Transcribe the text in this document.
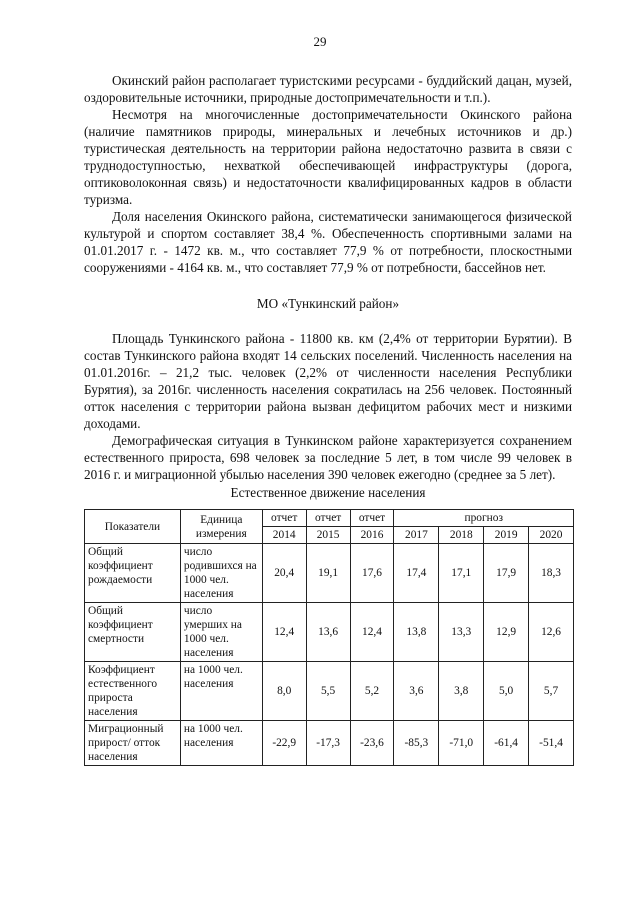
29

Окинский район располагает туристскими ресурсами - буддийский дацан, музей, оздоровительные источники, природные достопримечательности и т.п.).

Несмотря на многочисленные достопримечательности Окинского района (наличие памятников природы, минеральных и лечебных источников и др.) туристическая деятельность на территории района недостаточно развита в связи с труднодоступностью, нехваткой обеспечивающей инфраструктуры (дорога, оптиковолоконная связь) и недостаточности квалифицированных кадров в области туризма.

Доля населения Окинского района, систематически занимающегося физической культурой и спортом составляет 38,4 %. Обеспеченность спортивными залами на 01.01.2017 г. - 1472 кв. м., что составляет 77,9 % от потребности, плоскостными сооружениями - 4164 кв. м., что составляет 77,9 % от потребности, бассейнов нет.

МО «Тункинский район»

Площадь Тункинского района - 11800 кв. км (2,4% от территории Бурятии). В состав Тункинского района входят 14 сельских поселений. Численность населения на 01.01.2016г. – 21,2 тыс. человек (2,2% от численности населения Республики Бурятия), за 2016г. численность населения сократилась на 256 человек. Постоянный отток населения с территории района вызван дефицитом рабочих мест и низкими доходами.

Демографическая ситуация в Тункинском районе характеризуется сохранением естественного прироста, 698 человек за последние 5 лет, в том числе 99 человек в 2016 г. и миграционной убылью населения 390 человек ежегодно (среднее за 5 лет).

Естественное движение населения
Показатели	Единица измерения	отчет	отчет	отчет	прогноз			
		2014	2015	2016	2017	2018	2019	2020
Общий коэффициент рождаемости	число родившихся на 1000 чел. населения	20,4	19,1	17,6	17,4	17,1	17,9	18,3
Общий коэффициент смертности	число умерших на 1000 чел. населения	12,4	13,6	12,4	13,8	13,3	12,9	12,6
Коэффициент естественного прироста населения	на 1000 чел. населения	8,0	5,5	5,2	3,6	3,8	5,0	5,7
Миграционный прирост/ отток населения	на 1000 чел. населения	-22,9	-17,3	-23,6	-85,3	-71,0	-61,4	-51,4
